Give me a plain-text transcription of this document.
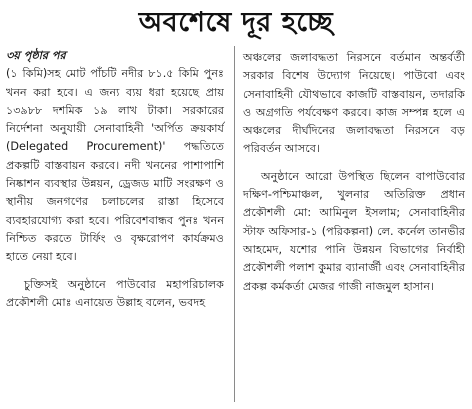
অবশেষে দূর হচ্ছে

৩য় পৃষ্ঠার পর
(১ কিমি)সহ মোট পাঁচটি নদীর ৮১.৫ কিমি পুনঃ খনন করা হবে। এ জন্য ব্যয় ধরা হয়েছে প্রায় ১৩৯৮৮ দশমিক ১৯ লাখ টাকা। সরকারের নির্দেশনা অনুযায়ী সেনাবাহিনী 'অর্পিত ক্রয়কার্য (Delegated Procurement)' পদ্ধতিতে প্রকল্পটি বাস্তবায়ন করবে। নদী খননের পাশাপাশি নিষ্কাশন ব্যবস্থার উন্নয়ন, ড্রেজড মাটি সংরক্ষণ ও স্থানীয় জনগণের চলাচলের রাস্তা হিসেবে ব্যবহারযোগ্য করা হবে। পরিবেশবান্ধব পুনঃ খনন নিশ্চিত করতে টার্ফিং ও বৃক্ষরোপণ কার্যক্রমও হাতে নেয়া হবে।

চুক্তিসই অনুষ্ঠানে পাউবোর মহাপরিচালক প্রকৌশলী মোঃ এনায়েত উল্লাহ বলেন, ভবদহ

অঞ্চলের জলাবদ্ধতা নিরসনে বর্তমান অন্তর্বর্তী সরকার বিশেষ উদ্যোগ নিয়েছে। পাউবো এবং সেনাবাহিনী যৌথভাবে কাজটি বাস্তবায়ন, তদারকি ও অগ্রগতি পর্যবেক্ষণ করবে। কাজ সম্পন্ন হলে এ অঞ্চলের দীর্ঘদিনের জলাবদ্ধতা নিরসনে বড় পরিবর্তন আসবে।

অনুষ্ঠানে আরো উপস্থিত ছিলেন বাপাউবোর দক্ষিণ-পশ্চিমাঞ্চল, খুলনার অতিরিক্ত প্রধান প্রকৌশলী মো: আমিনুল ইসলাম; সেনাবাহিনীর স্টাফ অফিসার-১ (পরিকল্পনা) লে. কর্নেল তানভীর আহমেদ, যশোর পানি উন্নয়ন বিভাগের নির্বাহী প্রকৌশলী পলাশ কুমার ব্যানার্জী এবং সেনাবাহিনীর প্রকল্প কর্মকর্তা মেজর গাজী নাজমুল হাসান।
